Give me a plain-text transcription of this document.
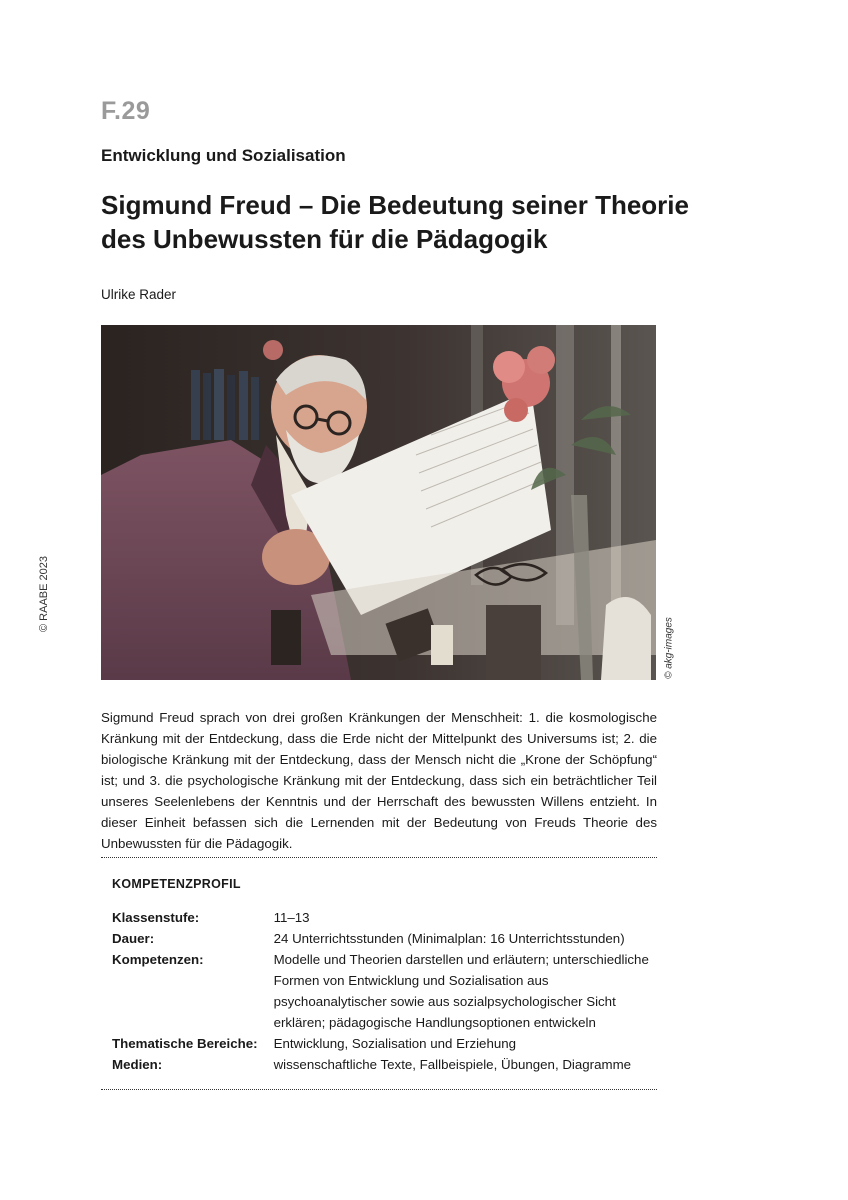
F.29
Entwicklung und Sozialisation
Sigmund Freud – Die Bedeutung seiner Theorie
des Unbewussten für die Pädagogik
Ulrike Rader
© RAABE 2023
© akg-images

Sigmund Freud sprach von drei großen Kränkungen der Menschheit: 1. die kosmologische Kränkung mit der Entdeckung, dass die Erde nicht der Mittelpunkt des Universums ist; 2. die biologische Kränkung mit der Entdeckung, dass der Mensch nicht die „Krone der Schöpfung“ ist; und 3. die psychologische Kränkung mit der Entdeckung, dass sich ein beträchtlicher Teil unseres Seelenlebens der Kenntnis und der Herrschaft des bewussten Willens entzieht. In dieser Einheit befassen sich die Lernenden mit der Bedeutung von Freuds Theorie des Unbewussten für die Pädagogik.

KOMPETENZPROFIL
Klassenstufe:	11–13
Dauer:	24 Unterrichtsstunden (Minimalplan: 16 Unterrichtsstunden)
Kompetenzen:	Modelle und Theorien darstellen und erläutern; unterschiedliche Formen von Entwicklung und Sozialisation aus psychoanalytischer sowie aus sozialpsychologischer Sicht erklären; pädagogische Handlungsoptionen entwickeln
Thematische Bereiche:	Entwicklung, Sozialisation und Erziehung
Medien:	wissenschaftliche Texte, Fallbeispiele, Übungen, Diagramme
